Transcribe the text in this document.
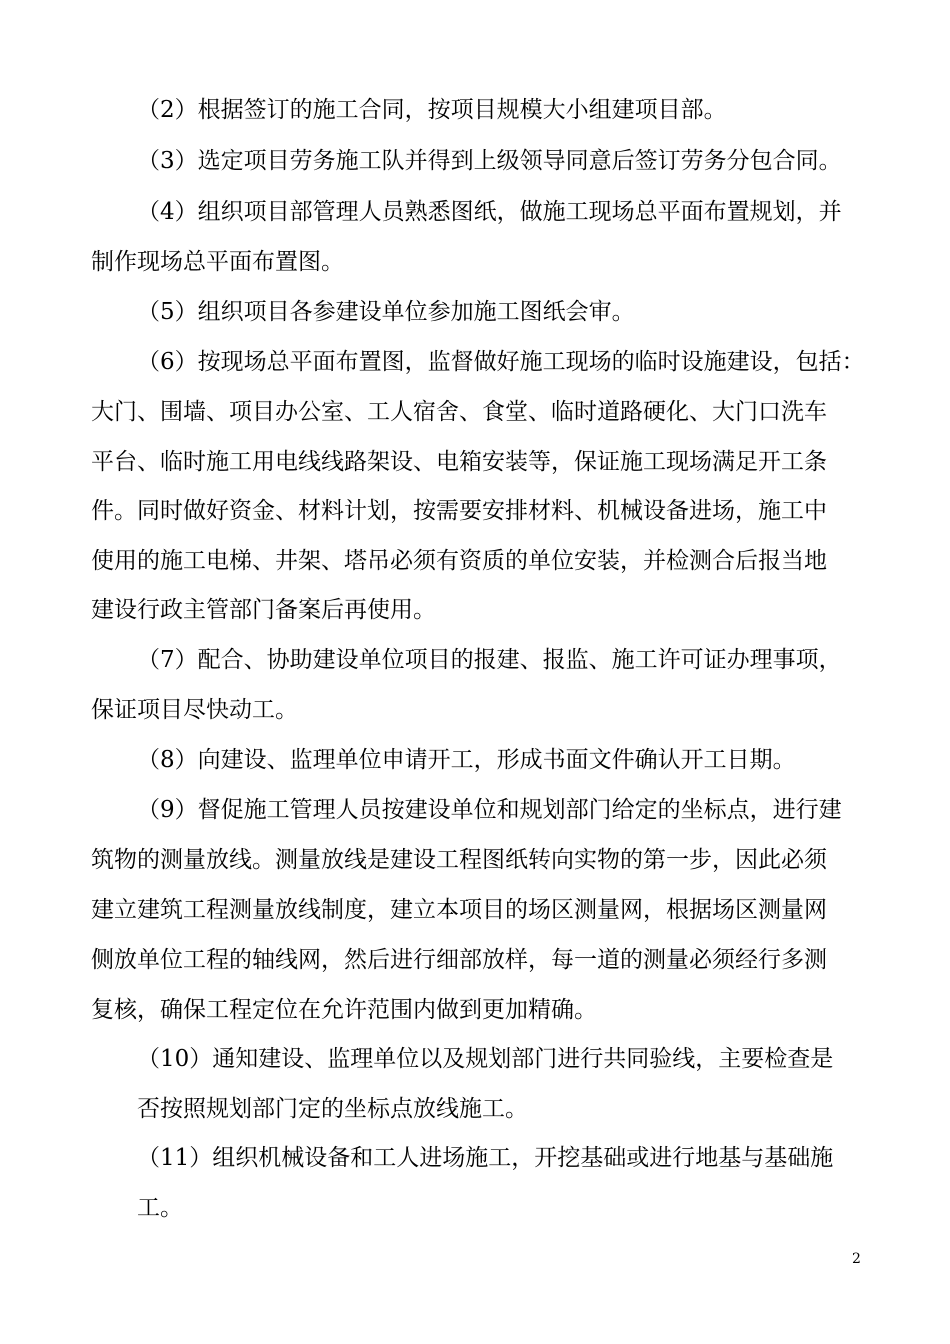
（2）根据签订的施工合同，按项目规模大小组建项目部。
（3）选定项目劳务施工队并得到上级领导同意后签订劳务分包合同。
（4）组织项目部管理人员熟悉图纸，做施工现场总平面布置规划，并
制作现场总平面布置图。
（5）组织项目各参建设单位参加施工图纸会审。
（6）按现场总平面布置图，监督做好施工现场的临时设施建设，包括：
大门、围墙、项目办公室、工人宿舍、食堂、临时道路硬化、大门口洗车
平台、临时施工用电线线路架设、电箱安装等，保证施工现场满足开工条
件。同时做好资金、材料计划，按需要安排材料、机械设备进场，施工中
使用的施工电梯、井架、塔吊必须有资质的单位安装，并检测合后报当地
建设行政主管部门备案后再使用。
（7）配合、协助建设单位项目的报建、报监、施工许可证办理事项，
保证项目尽快动工。
（8）向建设、监理单位申请开工，形成书面文件确认开工日期。
（9）督促施工管理人员按建设单位和规划部门给定的坐标点，进行建
筑物的测量放线。测量放线是建设工程图纸转向实物的第一步，因此必须
建立建筑工程测量放线制度，建立本项目的场区测量网，根据场区测量网
侧放单位工程的轴线网，然后进行细部放样，每一道的测量必须经行多测
复核，确保工程定位在允许范围内做到更加精确。
（10）通知建设、监理单位以及规划部门进行共同验线，主要检查是
否按照规划部门定的坐标点放线施工。
（11）组织机械设备和工人进场施工，开挖基础或进行地基与基础施
工。
2
